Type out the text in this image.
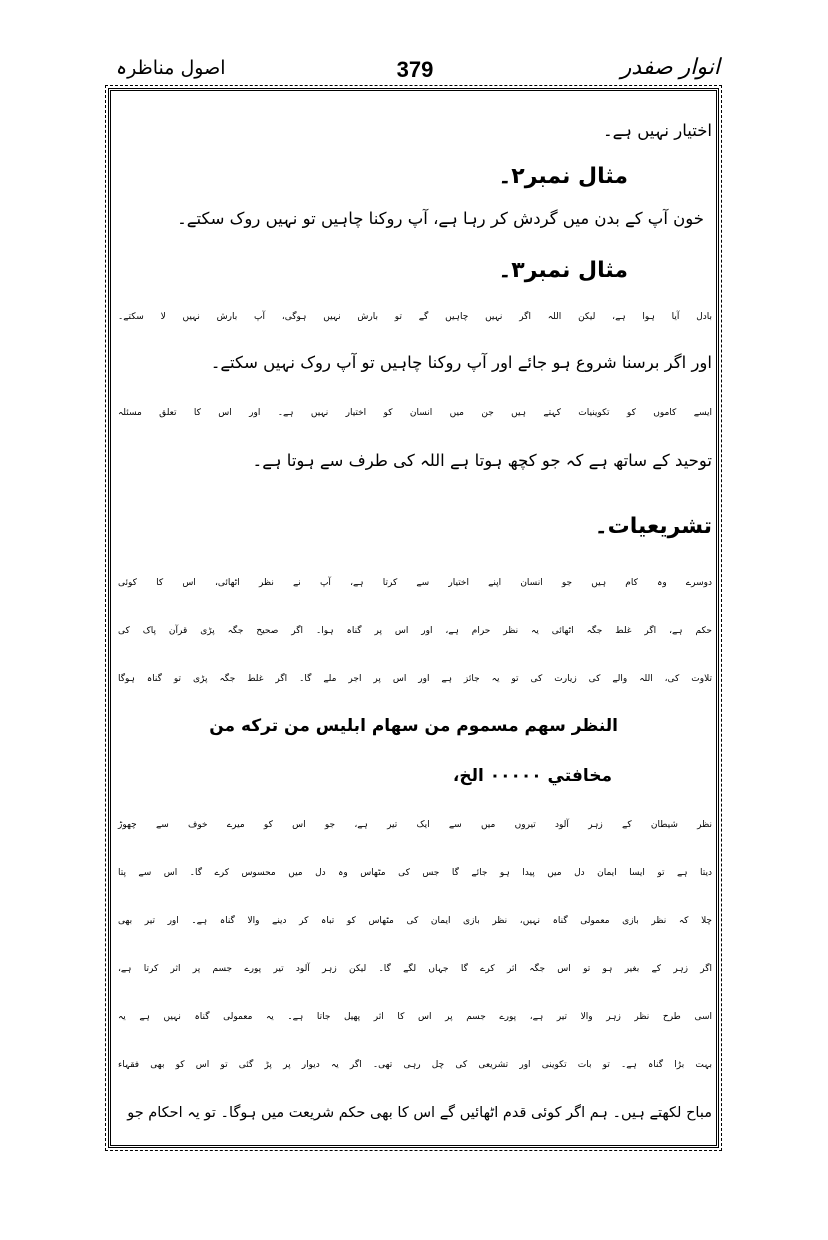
انوار صفدر
379
اصول مناظرہ
اختیار نہیں ہے۔
مثال نمبر۲۔
خون آپ کے بدن میں گردش کر رہا ہے، آپ روکنا چاہیں تو نہیں روک سکتے۔
مثال نمبر۳۔
بادل آیا ہوا ہے، لیکن اللہ اگر نہیں چاہیں گے تو بارش نہیں ہوگی، آپ بارش نہیں لا سکتے۔
اور اگر برسنا شروع ہو جائے اور آپ روکنا چاہیں تو آپ روک نہیں سکتے۔
ایسے کاموں کو تکوینیات کہتے ہیں جن میں انسان کو اختیار نہیں ہے۔ اور اس کا تعلق مسئلہ
توحید کے ساتھ ہے کہ جو کچھ ہوتا ہے اللہ کی طرف سے ہوتا ہے۔
تشریعیات۔
دوسرے وہ کام ہیں جو انسان اپنے اختیار سے کرتا ہے، آپ نے نظر اٹھائی، اس کا کوئی
حکم ہے، اگر غلط جگہ اٹھائی یہ نظر حرام ہے، اور اس پر گناہ ہوا۔ اگر صحیح جگہ پڑی قرآن پاک کی
تلاوت کی، اللہ والے کی زیارت کی تو یہ جائز ہے اور اس پر اجر ملے گا۔ اگر غلط جگہ پڑی تو گناہ ہوگا
النظر سهم مسموم من سهام ابليس من تركه من
مخافتي ٠٠٠٠٠ الخ،
نظر شیطان کے زہر آلود تیروں میں سے ایک تیر ہے، جو اس کو میرے خوف سے چھوڑ
دیتا ہے تو ایسا ایمان دل میں پیدا ہو جائے گا جس کی مٹھاس وہ دل میں محسوس کرے گا۔ اس سے پتا
چلا کہ نظر بازی معمولی گناہ نہیں، نظر بازی ایمان کی مٹھاس کو تباہ کر دینے والا گناہ ہے۔ اور تیر بھی
اگر زہر کے بغیر ہو تو اس جگہ اثر کرے گا جہاں لگے گا۔ لیکن زہر آلود تیر پورے جسم پر اثر کرتا ہے،
اسی طرح نظر زہر والا تیر ہے، پورے جسم پر اس کا اثر پھیل جاتا ہے۔ یہ معمولی گناہ نہیں ہے یہ
بہت بڑا گناہ ہے۔ تو بات تکوینی اور تشریعی کی چل رہی تھی۔ اگر یہ دیوار پر پڑ گئی تو اس کو بھی فقہاء
مباح لکھتے ہیں۔ ہم اگر کوئی قدم اٹھائیں گے اس کا بھی حکم شریعت میں ہوگا۔ تو یہ احکام جو
